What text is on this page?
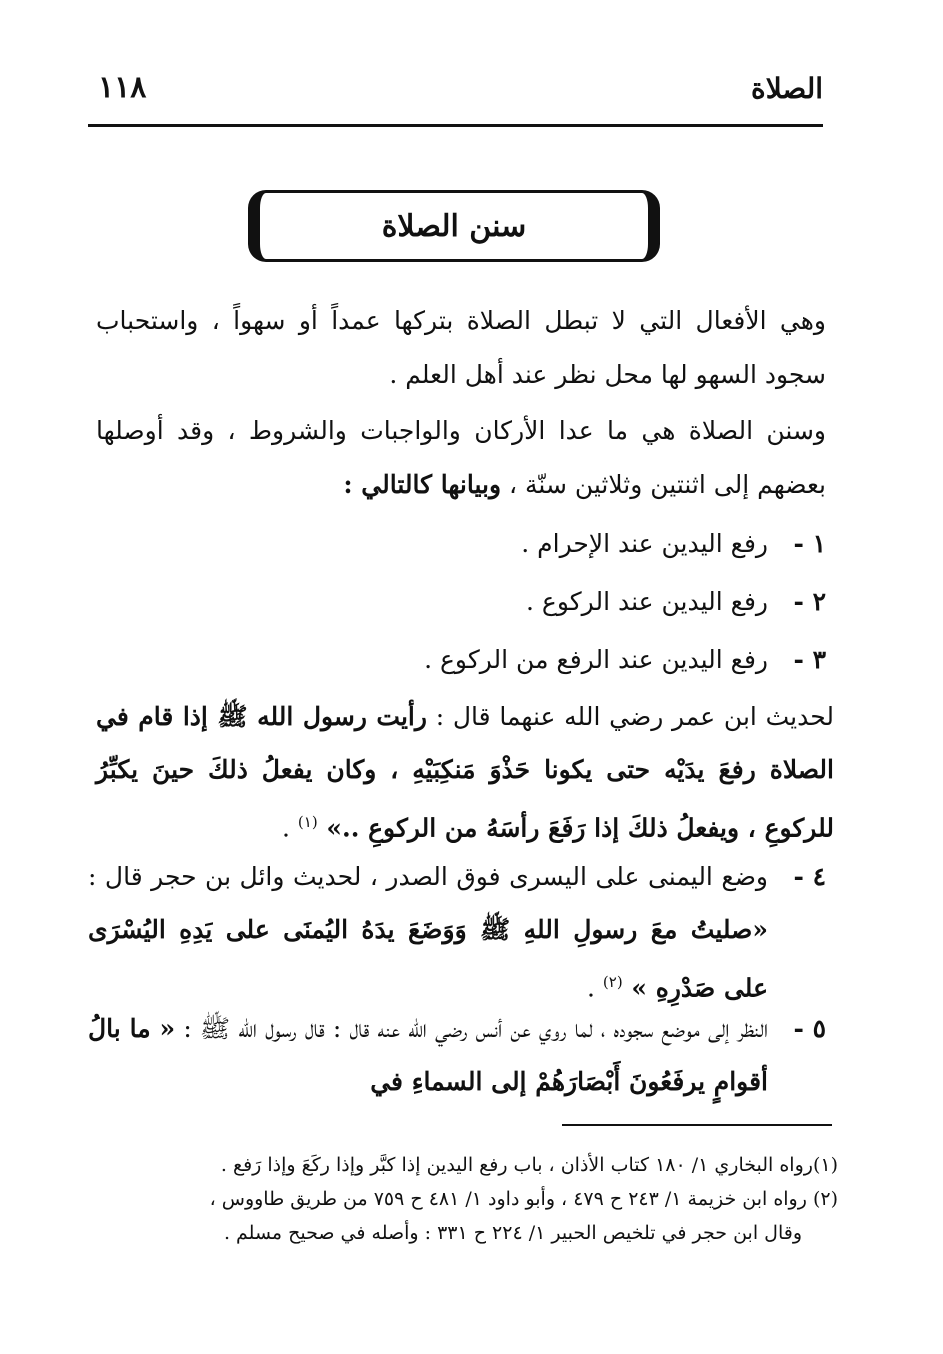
الصلاة
١١٨
سنن الصلاة
وهي الأفعال التي لا تبطل الصلاة بتركها عمداً أو سهواً ، واستحباب سجود السهو لها محل نظر عند أهل العلم .
وسنن الصلاة هي ما عدا الأركان والواجبات والشروط ، وقد أوصلها بعضهم إلى اثنتين وثلاثين سنّة ، وبيانها كالتالي :
١ -
رفع اليدين عند الإحرام .
٢ -
رفع اليدين عند الركوع .
٣ -
رفع اليدين عند الرفع من الركوع .
لحديث ابن عمر رضي الله عنهما قال : رأيت رسول الله ﷺ إذا قام في الصلاة رفعَ يدَيْه حتى يكونا حَذْوَ مَنكِبَيْهِ ، وكان يفعلُ ذلكَ حينَ يكبِّرُ للركوعِ ، ويفعلُ ذلكَ إذا رَفَعَ رأسَهُ من الركوعِ ..» $^{(١)}$ .
٤ -
وضع اليمنى على اليسرى فوق الصدر ، لحديث وائل بن حجر قال : «صليتُ معَ رسولِ اللهِ ﷺ وَوَضَعَ يدَهُ اليُمنَى على يَدِهِ اليُسْرَى على صَدْرِهِ » $^{(٢)}$ .
٥ -
النظر إلى موضع سجوده ، لما روي عن أنس رضي الله عنه قال : قال رسول الله ﷺ : « ما بالُ أقوامٍ يرفَعُونَ أَبْصَارَهُمْ إلى السماءِ في

(١)رواه البخاري ١/ ١٨٠ كتاب الأذان ، باب رفع اليدين إذا كبَّر وإذا ركَعَ وإذا رَفع .

(٢) رواه ابن خزيمة ١/ ٢٤٣ ح ٤٧٩ ، وأبو داود ١/ ٤٨١ ح ٧٥٩ من طريق طاووس ،

وقال ابن حجر في تلخيص الحبير ١/ ٢٢٤ ح ٣٣١ : وأصله في صحيح مسلم .
